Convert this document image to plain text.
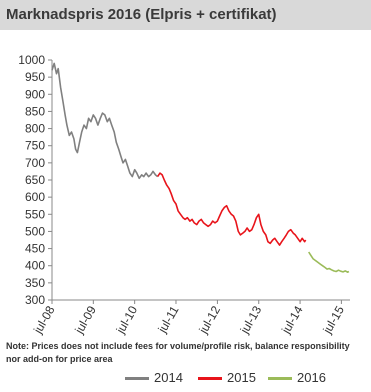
Marknadspris 2016 (Elpris + certifikat)
300
350
400
450
500
550
600
650
700
750
800
850
900
950
1000
jul-08 jul-09 jul-10 jul-11 jul-12 jul-13 jul-14 jul-15
Note: Prices does not include fees for volume/profile risk, balance responsibility nor add-on for price area
2014	2015	2016
